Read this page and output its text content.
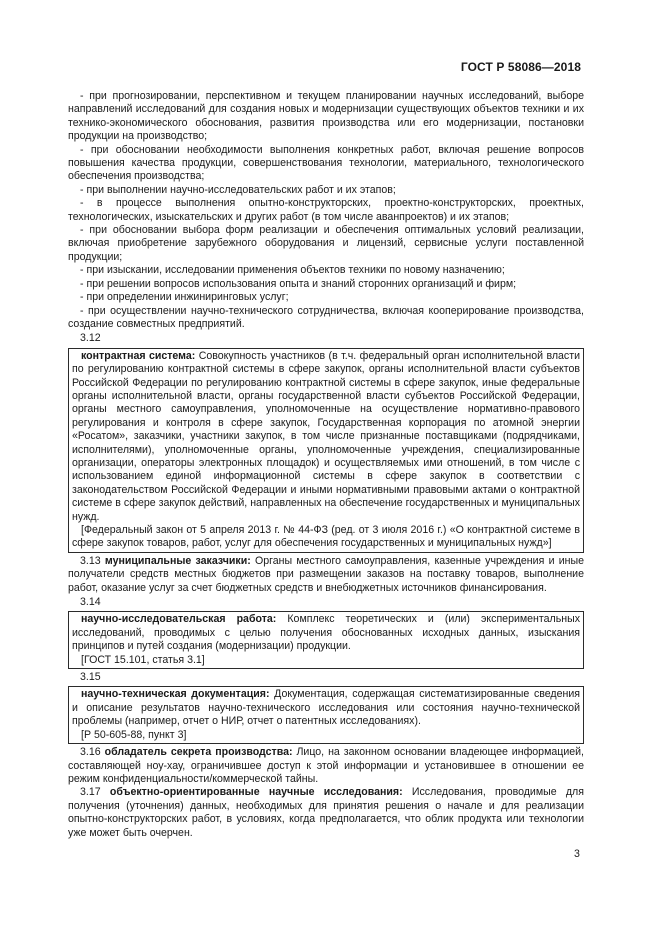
ГОСТ Р 58086—2018

- при прогнозировании, перспективном и текущем планировании научных исследований, выборе направлений исследований для создания новых и модернизации существующих объектов техники и их технико-экономического обоснования, развития производства или его модернизации, постановки продукции на производство;

- при обосновании необходимости выполнения конкретных работ, включая решение вопросов повышения качества продукции, совершенствования технологии, материального, технологического обеспечения производства;

- при выполнении научно-исследовательских работ и их этапов;

- в процессе выполнения опытно-конструкторских, проектно-конструкторских, проектных, технологических, изыскательских и других работ (в том числе аванпроектов) и их этапов;

- при обосновании выбора форм реализации и обеспечения оптимальных условий реализации, включая приобретение зарубежного оборудования и лицензий, сервисные услуги поставленной продукции;

- при изыскании, исследовании применения объектов техники по новому назначению;

- при решении вопросов использования опыта и знаний сторонних организаций и фирм;

- при определении инжиниринговых услуг;

- при осуществлении научно-технического сотрудничества, включая кооперирование производства, создание совместных предприятий.

3.12

контрактная система: Совокупность участников (в т.ч. федеральный орган исполнительной власти по регулированию контрактной системы в сфере закупок, органы исполнительной власти субъектов Российской Федерации по регулированию контрактной системы в сфере закупок, иные федеральные органы исполнительной власти, органы государственной власти субъектов Российской Федерации, органы местного самоуправления, уполномоченные на осуществление нормативно-правового регулирования и контроля в сфере закупок, Государственная корпорация по атомной энергии «Росатом», заказчики, участники закупок, в том числе признанные поставщиками (подрядчиками, исполнителями), уполномоченные органы, уполномоченные учреждения, специализированные организации, операторы электронных площадок) и осуществляемых ими отношений, в том числе с использованием единой информационной системы в сфере закупок в соответствии с законодательством Российской Федерации и иными нормативными правовыми актами о контрактной системе в сфере закупок действий, направленных на обеспечение государственных и муниципальных нужд.

[Федеральный закон от 5 апреля 2013 г. № 44-ФЗ (ред. от 3 июля 2016 г.) «О контрактной системе в сфере закупок товаров, работ, услуг для обеспечения государственных и муниципальных нужд»]

3.13 муниципальные заказчики: Органы местного самоуправления, казенные учреждения и иные получатели средств местных бюджетов при размещении заказов на поставку товаров, выполнение работ, оказание услуг за счет бюджетных средств и внебюджетных источников финансирования.

3.14

научно-исследовательская работа: Комплекс теоретических и (или) экспериментальных исследований, проводимых с целью получения обоснованных исходных данных, изыскания принципов и путей создания (модернизации) продукции.

[ГОСТ 15.101, статья 3.1]

3.15

научно-техническая документация: Документация, содержащая систематизированные сведения и описание результатов научно-технического исследования или состояния научно-технической проблемы (например, отчет о НИР, отчет о патентных исследованиях).

[Р 50-605-88, пункт 3]

3.16 обладатель секрета производства: Лицо, на законном основании владеющее информацией, составляющей ноу-хау, ограничившее доступ к этой информации и установившее в отношении ее режим конфиденциальности/коммерческой тайны.

3.17 объектно-ориентированные научные исследования: Исследования, проводимые для получения (уточнения) данных, необходимых для принятия решения о начале и для реализации опытно-конструкторских работ, в условиях, когда предполагается, что облик продукта или технологии уже может быть очерчен.

3
